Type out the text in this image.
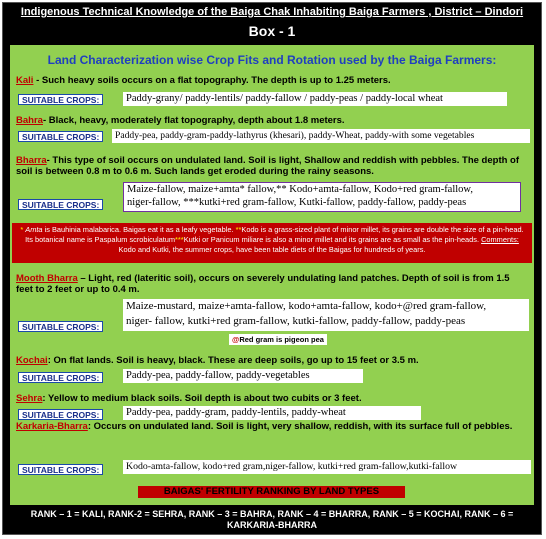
Indigenous Technical Knowledge of the Baiga Chak Inhabiting Baiga Farmers , District – Dindori
Box - 1
Land Characterization wise Crop Fits and Rotation used by the Baiga Farmers:
Kali - Such heavy soils occurs on a flat topography. The depth is up to 1.25 meters.
SUITABLE CROPS:	Paddy-grany/ paddy-lentils/ paddy-fallow / paddy-peas / paddy-local wheat
Bahra- Black, heavy, moderately flat topography, depth about 1.8 meters.
SUITABLE CROPS:	Paddy-pea, paddy-gram-paddy-lathyrus (khesari), paddy-Wheat, paddy-with some vegetables
Bharra- This type of soil occurs on undulated land. Soil is light, Shallow and reddish with pebbles. The depth of soil is between 0.8 m to 0.6 m. Such lands get eroded during the rainy seasons.
SUITABLE CROPS:
Maize-fallow, maize+amta* fallow,** Kodo+amta-fallow, Kodo+red gram-fallow,
niger-fallow, ***kutki+red gram-fallow, Kutki-fallow, paddy-fallow, paddy-peas
* Amta is Bauhinia malabarica. Baigas eat it as a leafy vegetable. **Kodo is a grass-sized plant of minor millet, its grains are double the size of a pin-head. Its botanical name is Paspalum scrobiculatum***Kutki or Panicum miliare is also a minor millet and its grains are as small as the pin-heads. Comments: Kodo and Kutki, the summer crops, have been table diets of the Baigas for hundreds of years.
Mooth Bharra – Light, red (lateritic soil), occurs on severely undulating land patches. Depth of soil is from 1.5 feet to 2 feet or up to 0.4 m.
SUITABLE CROPS:
Maize-mustard, maize+amta-fallow, kodo+amta-fallow, kodo+@red gram-fallow,
niger- fallow, kutki+red gram-fallow, kutki-fallow, paddy-fallow, paddy-peas
@Red gram is pigeon pea
Kochai: On flat lands. Soil is heavy, black. These are deep soils, go up to 15 feet or 3.5 m.
SUITABLE CROPS:	Paddy-pea, paddy-fallow, paddy-vegetables
Sehra: Yellow to medium black soils. Soil depth is about two cubits or 3 feet.
SUITABLE CROPS:	Paddy-pea, paddy-gram, paddy-lentils, paddy-wheat
Karkaria-Bharra: Occurs on undulated land. Soil is light, very shallow, reddish, with its surface full of pebbles.
SUITABLE CROPS:	Kodo-amta-fallow, kodo+red gram,niger-fallow, kutki+red gram-fallow,kutki-fallow
BAIGAS' FERTILITY RANKING BY LAND TYPES
RANK – 1 = KALI, RANK-2 = SEHRA, RANK – 3 = BAHRA, RANK – 4 = BHARRA, RANK – 5 = KOCHAI, RANK – 6 =
KARKARIA-BHARRA
